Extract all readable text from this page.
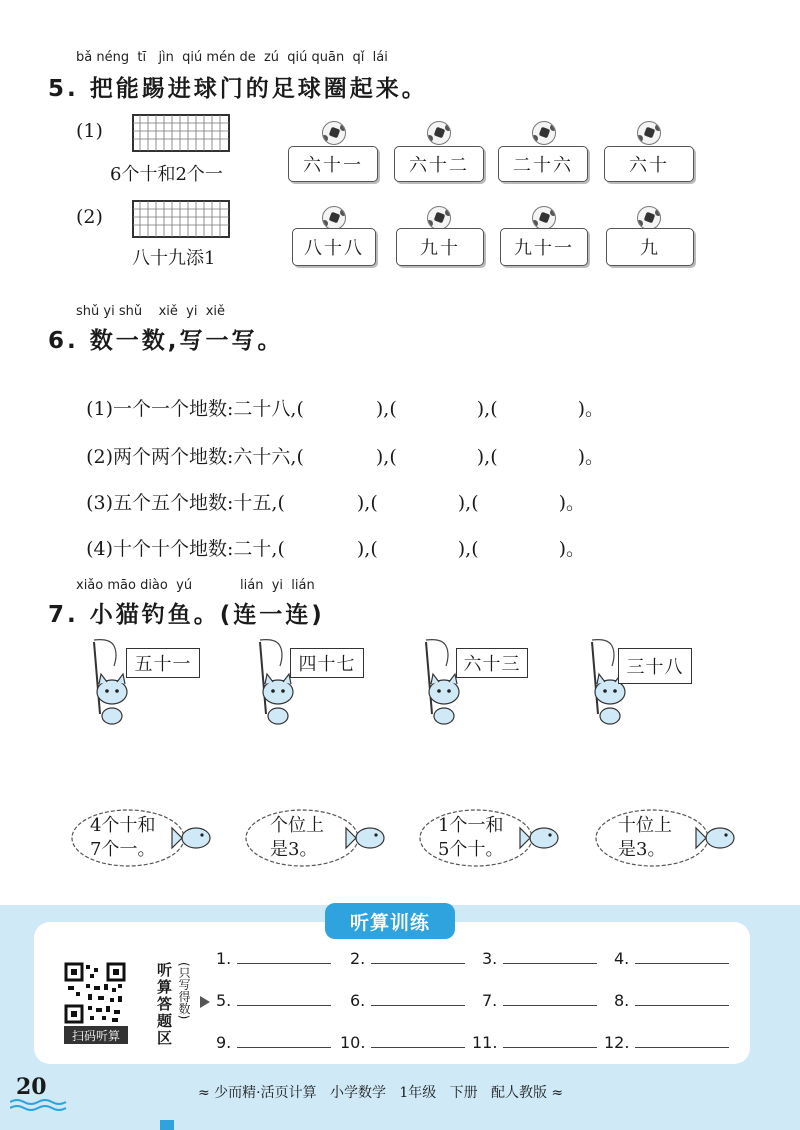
bǎ néng  tī   jìn  qiú mén de  zú  qiú quān  qǐ  lái
5. 把能踢进球门的足球圈起来。
(1)
6个十和2个一	六十一	六十二	二十六	六十
(2)
八十九添1	八十八	九十	九十一	九
shǔ yi shǔ    xiě  yi  xiě
6. 数一数,写一写。

(1)一个一个地数:二十八,(	),(	),(	)。

(2)两个两个地数:六十六,(	),(	),(	)。

(3)五个五个地数:十五,(	),(	),(	)。

(4)十个十个地数:二十,(	),(	),(	)。

xiǎo māo diào  yú	lián  yi  lián
7. 小猫钓鱼。(连一连)
五十一	四十七	六十三	三十八
4个十和
7个一。
个位上
是3。
1个一和
5个十。
十位上
是3。
听算训练
扫码听算	听算答题区 (只写得数)
1.	2.	3.	4.
5.	6.	7.	8.
9.	10.	11.	12.
20	≈ 少而精·活页计算   小学数学   1年级   下册   配人教版 ≈
